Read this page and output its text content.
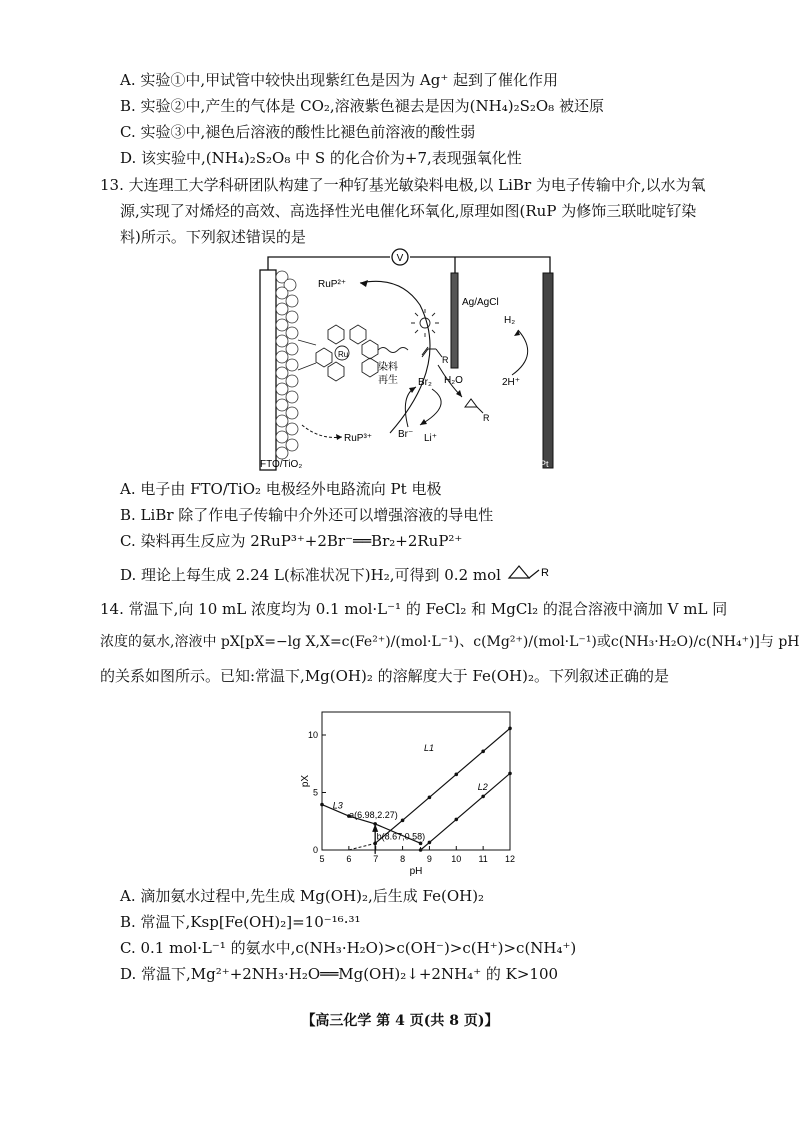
A. 实验①中,甲试管中较快出现紫红色是因为 Ag⁺ 起到了催化作用
B. 实验②中,产生的气体是 CO₂,溶液紫色褪去是因为(NH₄)₂S₂O₈ 被还原
C. 实验③中,褪色后溶液的酸性比褪色前溶液的酸性弱
D. 该实验中,(NH₄)₂S₂O₈ 中 S 的化合价为+7,表现强氧化性
13. 大连理工大学科研团队构建了一种钌基光敏染料电极,以 LiBr 为电子传输中介,以水为氧
源,实现了对烯烃的高效、高选择性光电催化环氧化,原理如图(RuP 为修饰三联吡啶钌染
料)所示。下列叙述错误的是
V
FTO/TiO₂
Ag/AgCl
Pt
H₂
2H⁺
Ru
RuP²⁺
RuP³⁺
染料
再生 Br₂ H₂O
Br⁻ Li⁺
R
R
A. 电子由 FTO/TiO₂ 电极经外电路流向 Pt 电极
B. LiBr 除了作电子传输中介外还可以增强溶液的导电性
C. 染料再生反应为 2RuP³⁺+2Br⁻══Br₂+2RuP²⁺
D. 理论上每生成 2.24 L(标准状况下)H₂,可得到 0.2 mol	R
14. 常温下,向 10 mL 浓度均为 0.1 mol·L⁻¹ 的 FeCl₂ 和 MgCl₂ 的混合溶液中滴加 V mL 同
浓度的氨水,溶液中 pX[pX=−lg X,X=c(Fe²⁺)/(mol·L⁻¹)、c(Mg²⁺)/(mol·L⁻¹)或c(NH₃·H₂O)/c(NH₄⁺)]与 pH
的关系如图所示。已知:常温下,Mg(OH)₂ 的溶解度大于 Fe(OH)₂。下列叙述正确的是
5 6 7 8 9 10 11 12
0
5
10
pH
pX
a(6.98,2.27)
b(8.67,0.58)
L1
L2
L3
A. 滴加氨水过程中,先生成 Mg(OH)₂,后生成 Fe(OH)₂
B. 常温下,Ksp[Fe(OH)₂]=10⁻¹⁶·³¹
C. 0.1 mol·L⁻¹ 的氨水中,c(NH₃·H₂O)>c(OH⁻)>c(H⁺)>c(NH₄⁺)
D. 常温下,Mg²⁺+2NH₃·H₂O══Mg(OH)₂↓+2NH₄⁺ 的 K>100
【高三化学 第 4 页(共 8 页)】
